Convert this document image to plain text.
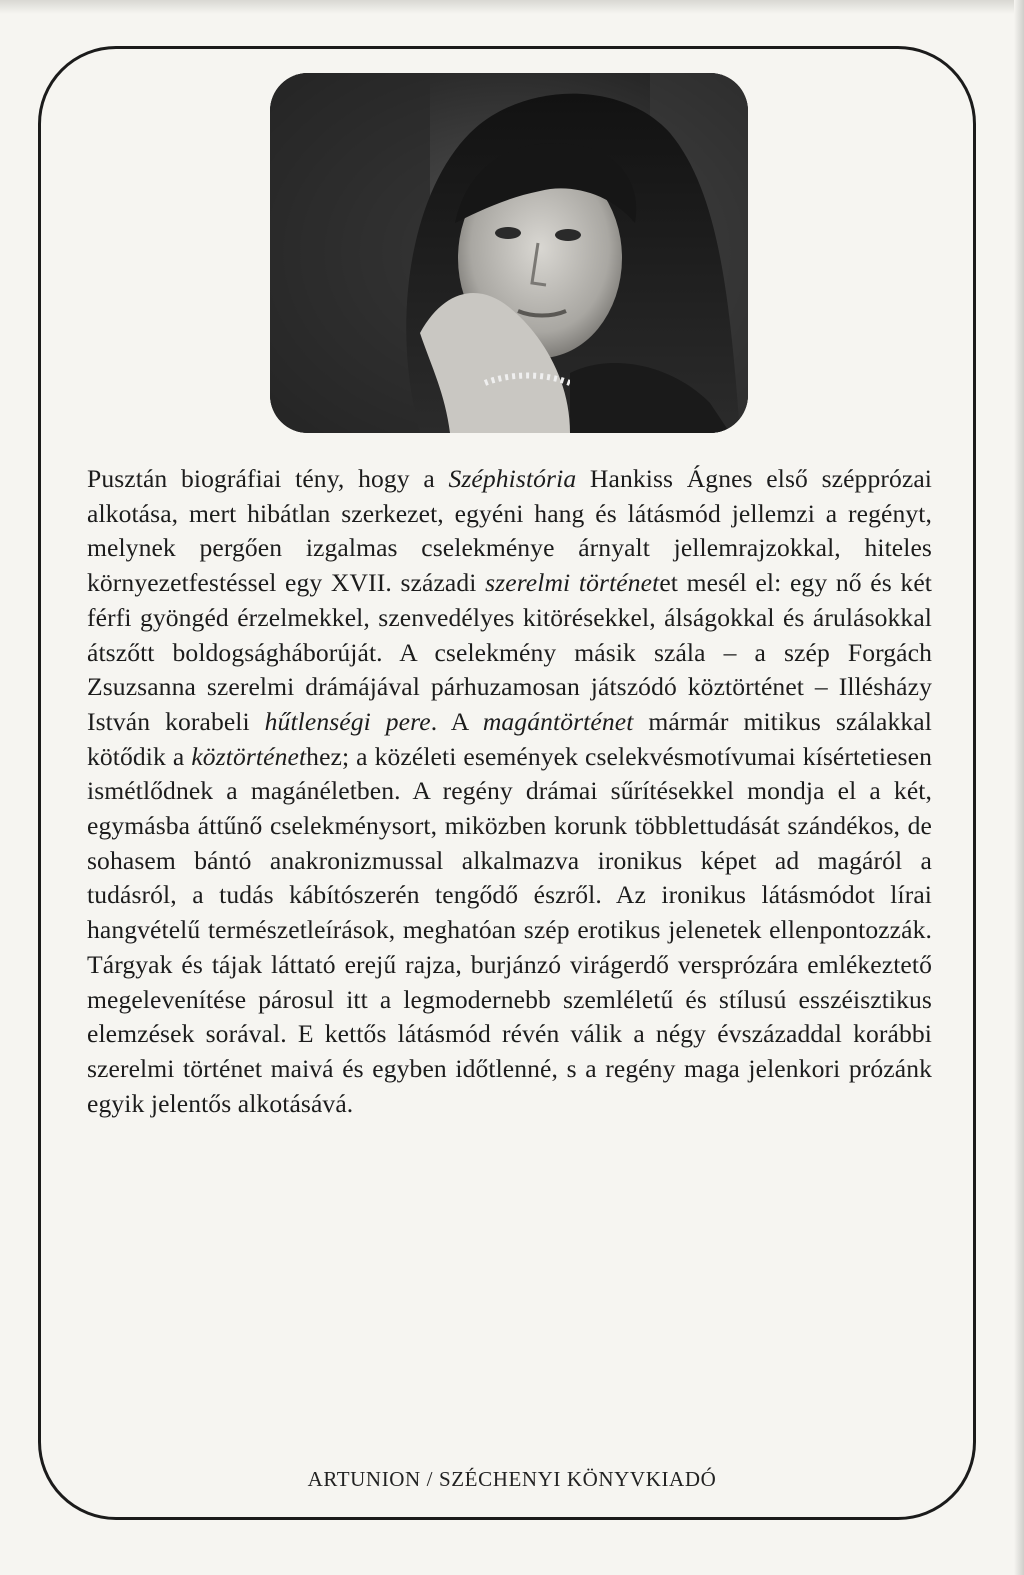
Pusztán biográfiai tény, hogy a Széphistória Hankiss Ágnes első szépprózai alkotása, mert hibátlan szerkezet, egyéni hang és látásmód jellemzi a regényt, melynek pergően izgalmas cselekménye árnyalt jellemrajzokkal, hiteles környezetfestéssel egy XVII. századi szerelmi történetet mesél el: egy nő és két férfi gyöngéd érzelmekkel, szenvedélyes kitörésekkel, álságokkal és árulásokkal átszőtt boldogságháborúját. A cselekmény másik szála – a szép Forgách Zsuzsanna szerelmi drámájával párhuzamosan játszódó köztörténet – Illésházy István korabeli hűtlenségi pere. A magántörténet mármár mitikus szálakkal kötődik a köztörténethez; a közéleti események cselekvésmotívumai kísértetiesen ismétlődnek a magánéletben. A regény drámai sűrítésekkel mondja el a két, egymásba áttűnő cselekménysort, miközben korunk többlettudását szándékos, de sohasem bántó anakronizmussal alkalmazva ironikus képet ad magáról a tudásról, a tudás kábítószerén tengődő észről. Az ironikus látásmódot lírai hangvételű természetleírások, meghatóan szép erotikus jelenetek ellenpontozzák. Tárgyak és tájak láttató erejű rajza, burjánzó virágerdő versprózára emlékeztető megelevenítése párosul itt a legmodernebb szemléletű és stílusú esszéisztikus elemzések sorával. E kettős látásmód révén válik a négy évszázaddal korábbi szerelmi történet maivá és egyben időtlenné, s a regény maga jelenkori prózánk egyik jelentős alkotásává.
ARTUNION / SZÉCHENYI KÖNYVKIADÓ
